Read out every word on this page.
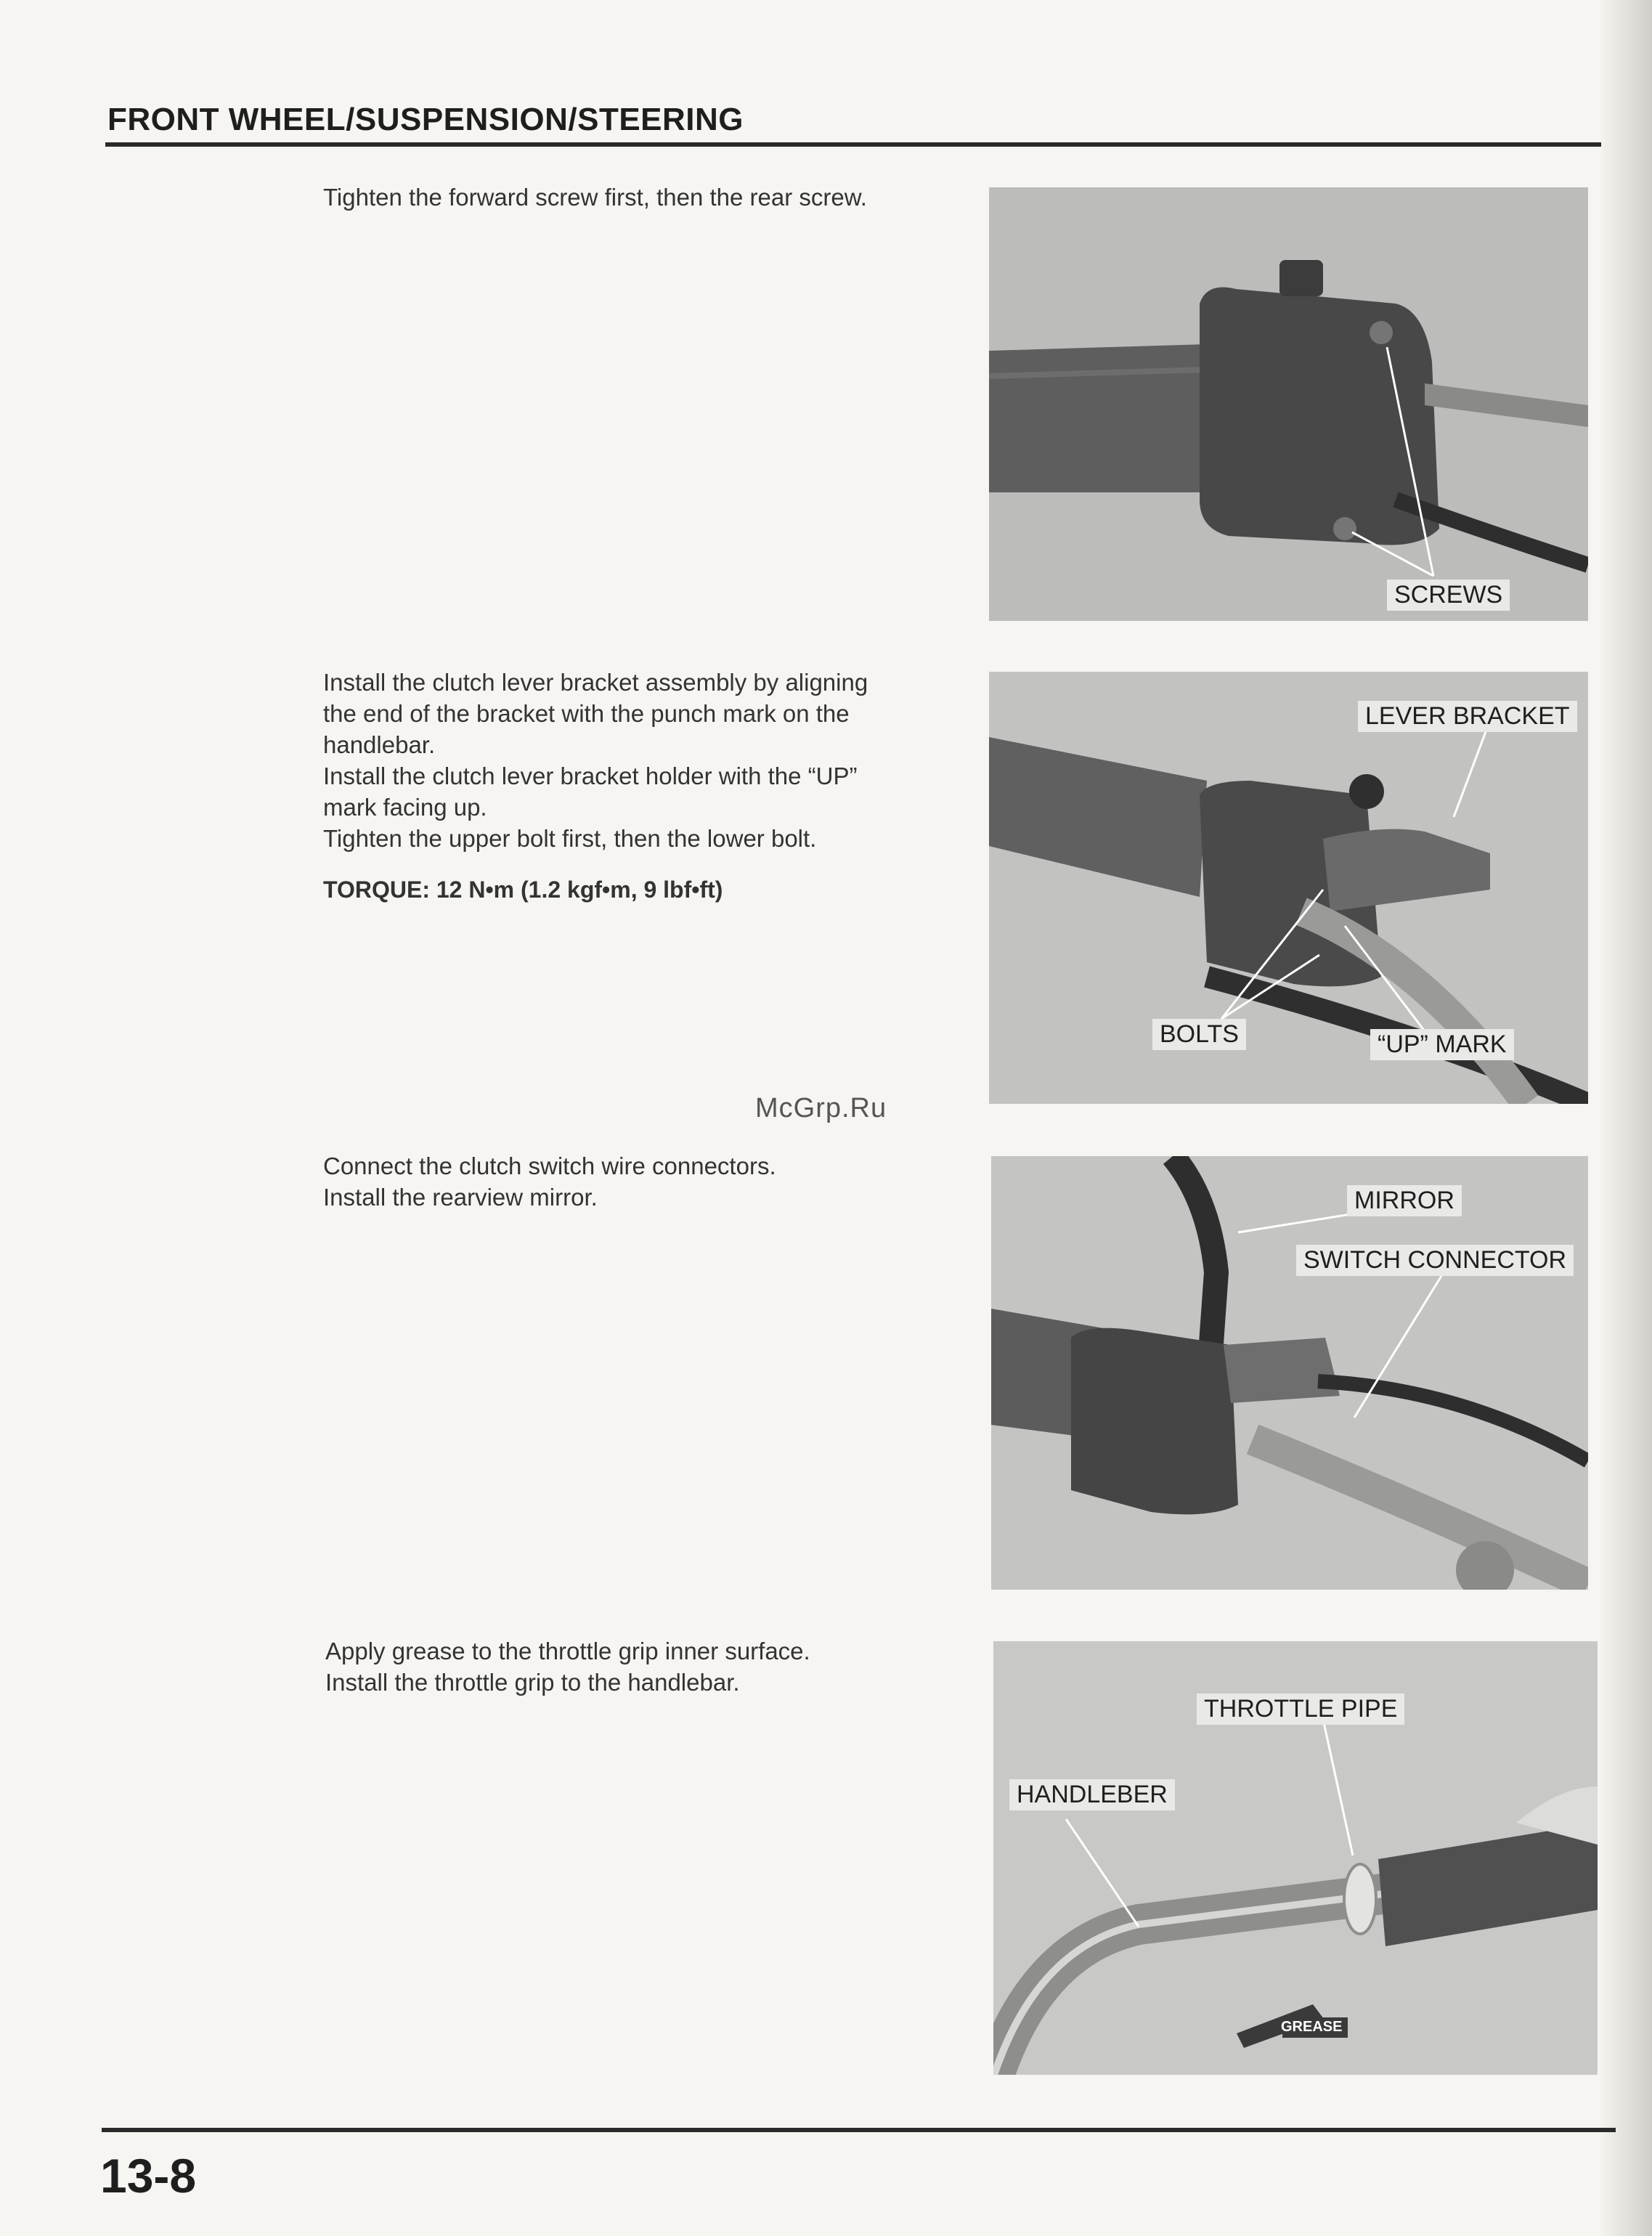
FRONT WHEEL/SUSPENSION/STEERING

Tighten the forward screw first, then the rear screw.

SCREWS

Install the clutch lever bracket assembly by aligning

the end of the bracket with the punch mark on the

handlebar.

Install the clutch lever bracket holder with the “UP”

mark facing up.

Tighten the upper bolt first, then the lower bolt.

TORQUE: 12 N•m (1.2 kgf•m, 9 lbf•ft)

LEVER BRACKET
BOLTS	“UP” MARK
McGrp.Ru

Connect the clutch switch wire connectors.

Install the rearview mirror.	MIRROR
SWITCH CONNECTOR

Apply grease to the throttle grip inner surface.

Install the throttle grip to the handlebar.

THROTTLE PIPE
HANDLEBER
GREASE
13-8
